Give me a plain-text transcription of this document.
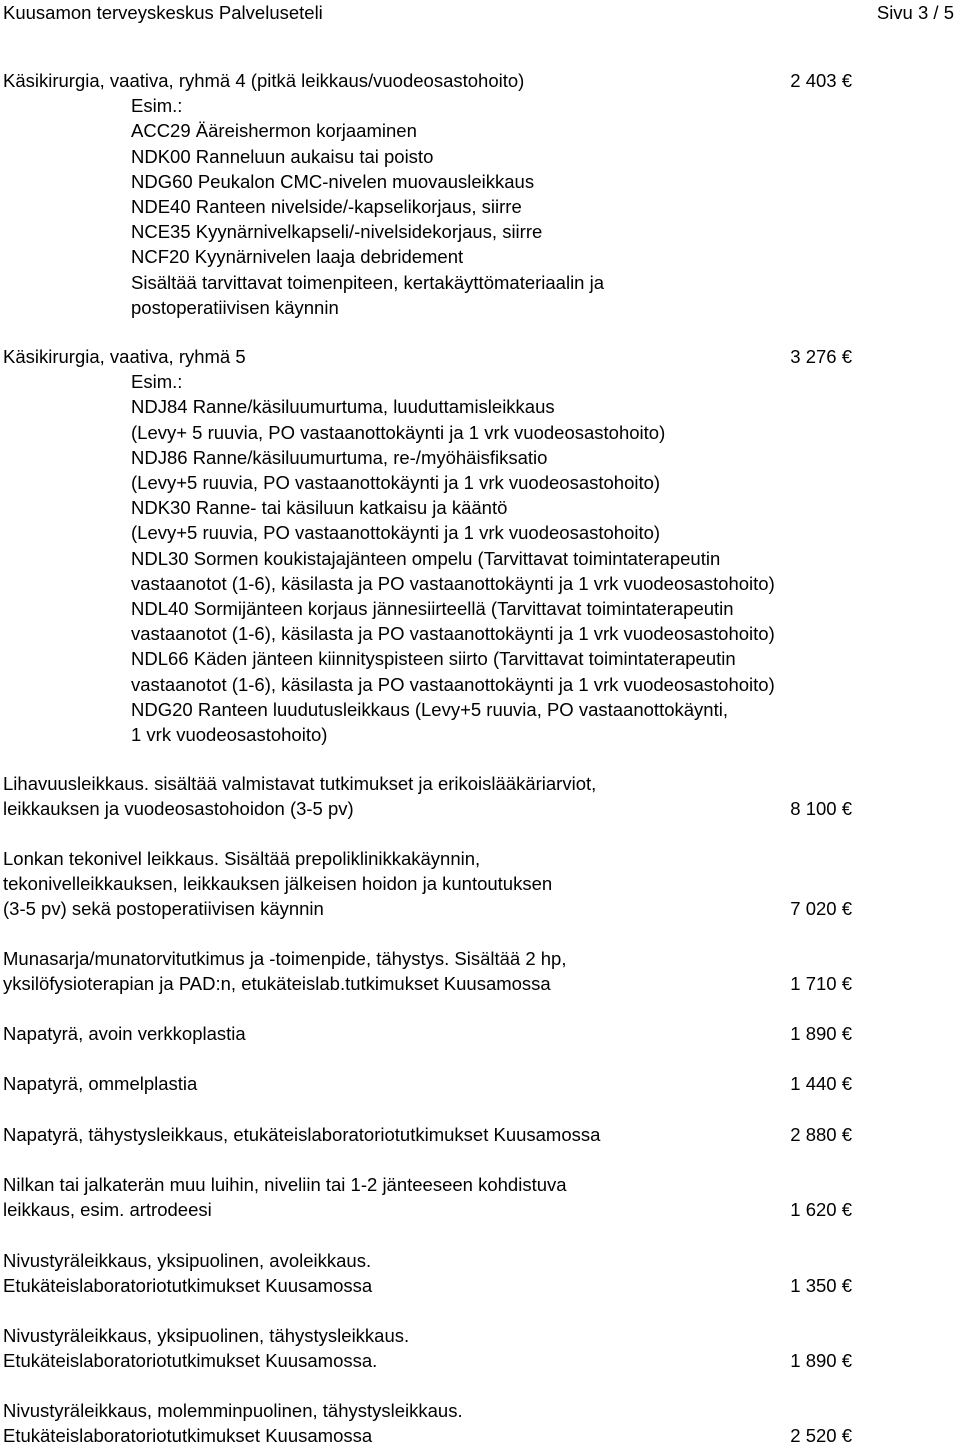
Kuusamon terveyskeskus Palveluseteli	Sivu 3 / 5
Käsikirurgia, vaativa, ryhmä 4 (pitkä leikkaus/vuodeosastohoito)	2 403 €
Esim.:
ACC29 Ääreishermon korjaaminen
NDK00 Ranneluun aukaisu tai poisto
NDG60 Peukalon CMC-nivelen muovausleikkaus
NDE40 Ranteen nivelside/-kapselikorjaus, siirre
NCE35 Kyynärnivelkapseli/-nivelsidekorjaus, siirre
NCF20 Kyynärnivelen laaja debridement
Sisältää tarvittavat toimenpiteen, kertakäyttömateriaalin ja
postoperatiivisen käynnin
Käsikirurgia, vaativa, ryhmä 5	3 276 €
Esim.:
NDJ84 Ranne/käsiluumurtuma, luuduttamisleikkaus
(Levy+ 5 ruuvia, PO vastaanottokäynti ja 1 vrk vuodeosastohoito)
NDJ86 Ranne/käsiluumurtuma, re-/myöhäisfiksatio
(Levy+5 ruuvia, PO vastaanottokäynti ja 1 vrk vuodeosastohoito)
NDK30 Ranne- tai käsiluun katkaisu ja kääntö
(Levy+5 ruuvia, PO vastaanottokäynti ja 1 vrk vuodeosastohoito)
NDL30 Sormen koukistajajänteen ompelu (Tarvittavat toimintaterapeutin
vastaanotot (1-6), käsilasta ja PO vastaanottokäynti ja 1 vrk vuodeosastohoito)
NDL40 Sormijänteen korjaus jännesiirteellä (Tarvittavat toimintaterapeutin
vastaanotot (1-6), käsilasta ja PO vastaanottokäynti ja 1 vrk vuodeosastohoito)
NDL66 Käden jänteen kiinnityspisteen siirto (Tarvittavat toimintaterapeutin
vastaanotot (1-6), käsilasta ja PO vastaanottokäynti ja 1 vrk vuodeosastohoito)
NDG20 Ranteen luudutusleikkaus (Levy+5 ruuvia, PO vastaanottokäynti,
1 vrk vuodeosastohoito)
Lihavuusleikkaus. sisältää valmistavat tutkimukset ja erikoislääkäriarviot,
leikkauksen ja vuodeosastohoidon (3-5 pv)	8 100 €
Lonkan tekonivel leikkaus. Sisältää prepoliklinikkakäynnin,
tekonivelleikkauksen, leikkauksen jälkeisen hoidon ja kuntoutuksen
(3-5 pv) sekä postoperatiivisen käynnin	7 020 €
Munasarja/munatorvitutkimus ja -toimenpide, tähystys. Sisältää 2 hp,
yksilöfysioterapian ja PAD:n, etukäteislab.tutkimukset Kuusamossa	1 710 €
Napatyrä, avoin verkkoplastia	1 890 €
Napatyrä, ommelplastia	1 440 €
Napatyrä, tähystysleikkaus, etukäteislaboratoriotutkimukset Kuusamossa	2 880 €
Nilkan tai jalkaterän muu luihin, niveliin tai 1-2 jänteeseen kohdistuva
leikkaus, esim. artrodeesi	1 620 €
Nivustyräleikkaus, yksipuolinen, avoleikkaus.
Etukäteislaboratoriotutkimukset Kuusamossa	1 350 €
Nivustyräleikkaus, yksipuolinen, tähystysleikkaus.
Etukäteislaboratoriotutkimukset Kuusamossa.	1 890 €
Nivustyräleikkaus, molemminpuolinen, tähystysleikkaus.
Etukäteislaboratoriotutkimukset Kuusamossa	2 520 €
